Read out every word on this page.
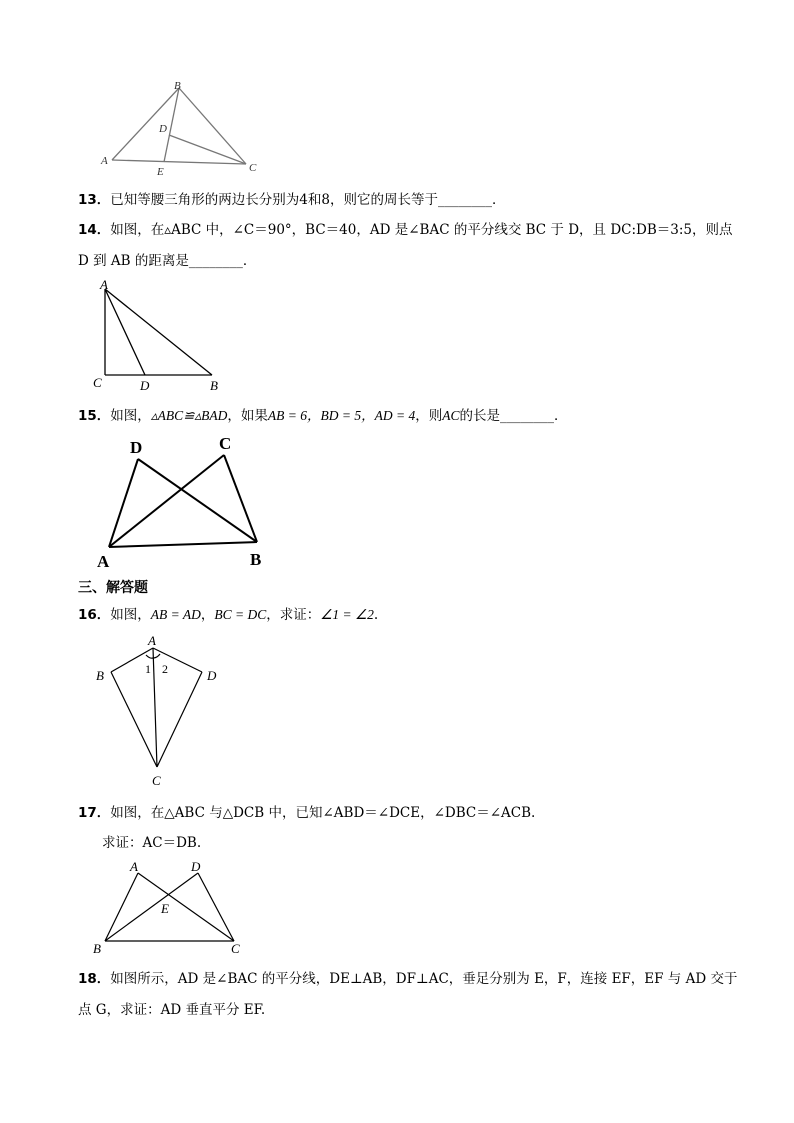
B
A
C
D
E
13．已知等腰三角形的两边长分别为4和8，则它的周长等于________．
14．如图，在▵ABC 中，∠C＝90°，BC＝40，AD 是∠BAC 的平分线交 BC 于 D，且 DC:DB＝3:5，则点
D 到 AB 的距离是________．
A
C	D	B
15．如图，▵ABC≌▵BAD，如果AB = 6，BD = 5，AD = 4，则AC的长是________．
D	C
A	B
三、解答题
16．如图，AB = AD，BC = DC，求证：∠1 = ∠2.
A
B	D
C
1 2
17．如图，在△ABC 与△DCB 中，已知∠ABD＝∠DCE，∠DBC＝∠ACB.
求证：AC＝DB.
A	D
E
B	C
18．如图所示，AD 是∠BAC 的平分线，DE⊥AB，DF⊥AC，垂足分别为 E，F，连接 EF，EF 与 AD 交于
点 G，求证：AD 垂直平分 EF.
